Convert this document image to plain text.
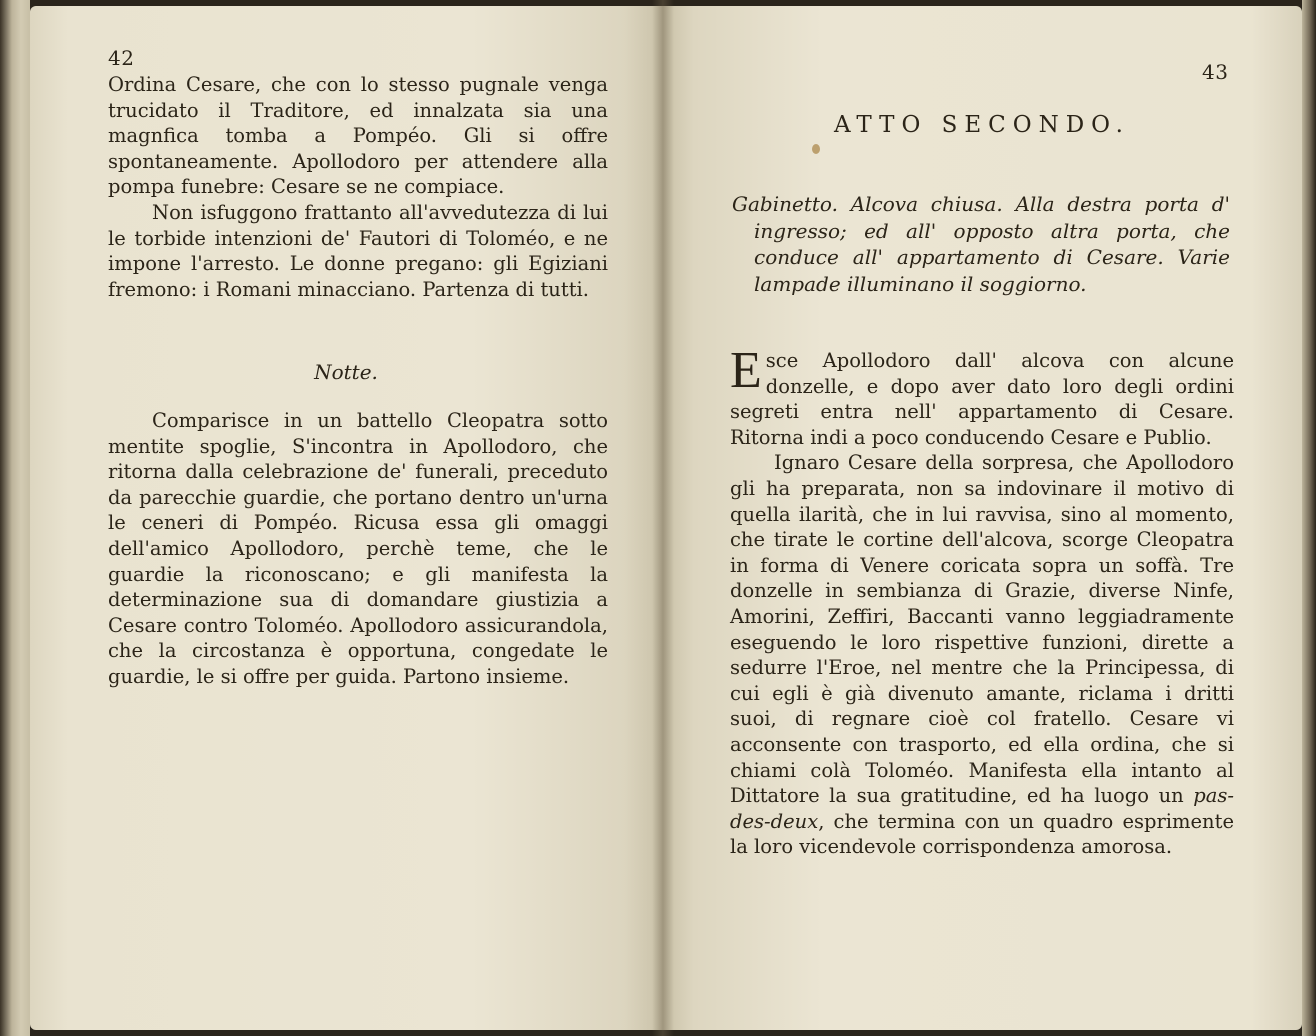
42

Ordina Cesare, che con lo stesso pugnale venga trucidato il Traditore, ed innalzata sia una magnfica tomba a Pompéo. Gli si offre spontaneamente. Apollodoro per attendere alla pompa funebre: Cesare se ne compiace.

Non isfuggono frattanto all'avvedutezza di lui le torbide intenzioni de' Fautori di Toloméo, e ne impone l'arresto. Le donne pregano: gli Egiziani fremono: i Romani minacciano. Partenza di tutti.

Notte.

Comparisce in un battello Cleopatra sotto mentite spoglie, S'incontra in Apollodoro, che ritorna dalla celebrazione de' funerali, preceduto da parecchie guardie, che portano dentro un'urna le ceneri di Pompéo. Ricusa essa gli omaggi dell'amico Apollodoro, perchè teme, che le guardie la riconoscano; e gli manifesta la determinazione sua di domandare giustizia a Cesare contro Toloméo. Apollodoro assicurandola, che la circostanza è opportuna, congedate le guardie, le si offre per guida. Partono insieme.

43
ATTO SECONDO.

Gabinetto. Alcova chiusa. Alla destra porta d' ingresso; ed all' opposto altra porta, che conduce all' appartamento di Cesare. Varie lampade illuminano il soggiorno.

Esce Apollodoro dall' alcova con alcune donzelle, e dopo aver dato loro degli ordini segreti entra nell' appartamento di Cesare. Ritorna indi a poco conducendo Cesare e Publio.

Ignaro Cesare della sorpresa, che Apollodoro gli ha preparata, non sa indovinare il motivo di quella ilarità, che in lui ravvisa, sino al momento, che tirate le cortine dell'alcova, scorge Cleopatra in forma di Venere coricata sopra un soffà. Tre donzelle in sembianza di Grazie, diverse Ninfe, Amorini, Zeffiri, Baccanti vanno leggiadramente eseguendo le loro rispettive funzioni, dirette a sedurre l'Eroe, nel mentre che la Principessa, di cui egli è già divenuto amante, riclama i dritti suoi, di regnare cioè col fratello. Cesare vi acconsente con trasporto, ed ella ordina, che si chiami colà Toloméo. Manifesta ella intanto al Dittatore la sua gratitudine, ed ha luogo un pas-des-deux, che termina con un quadro esprimente la loro vicendevole corrispondenza amorosa.
